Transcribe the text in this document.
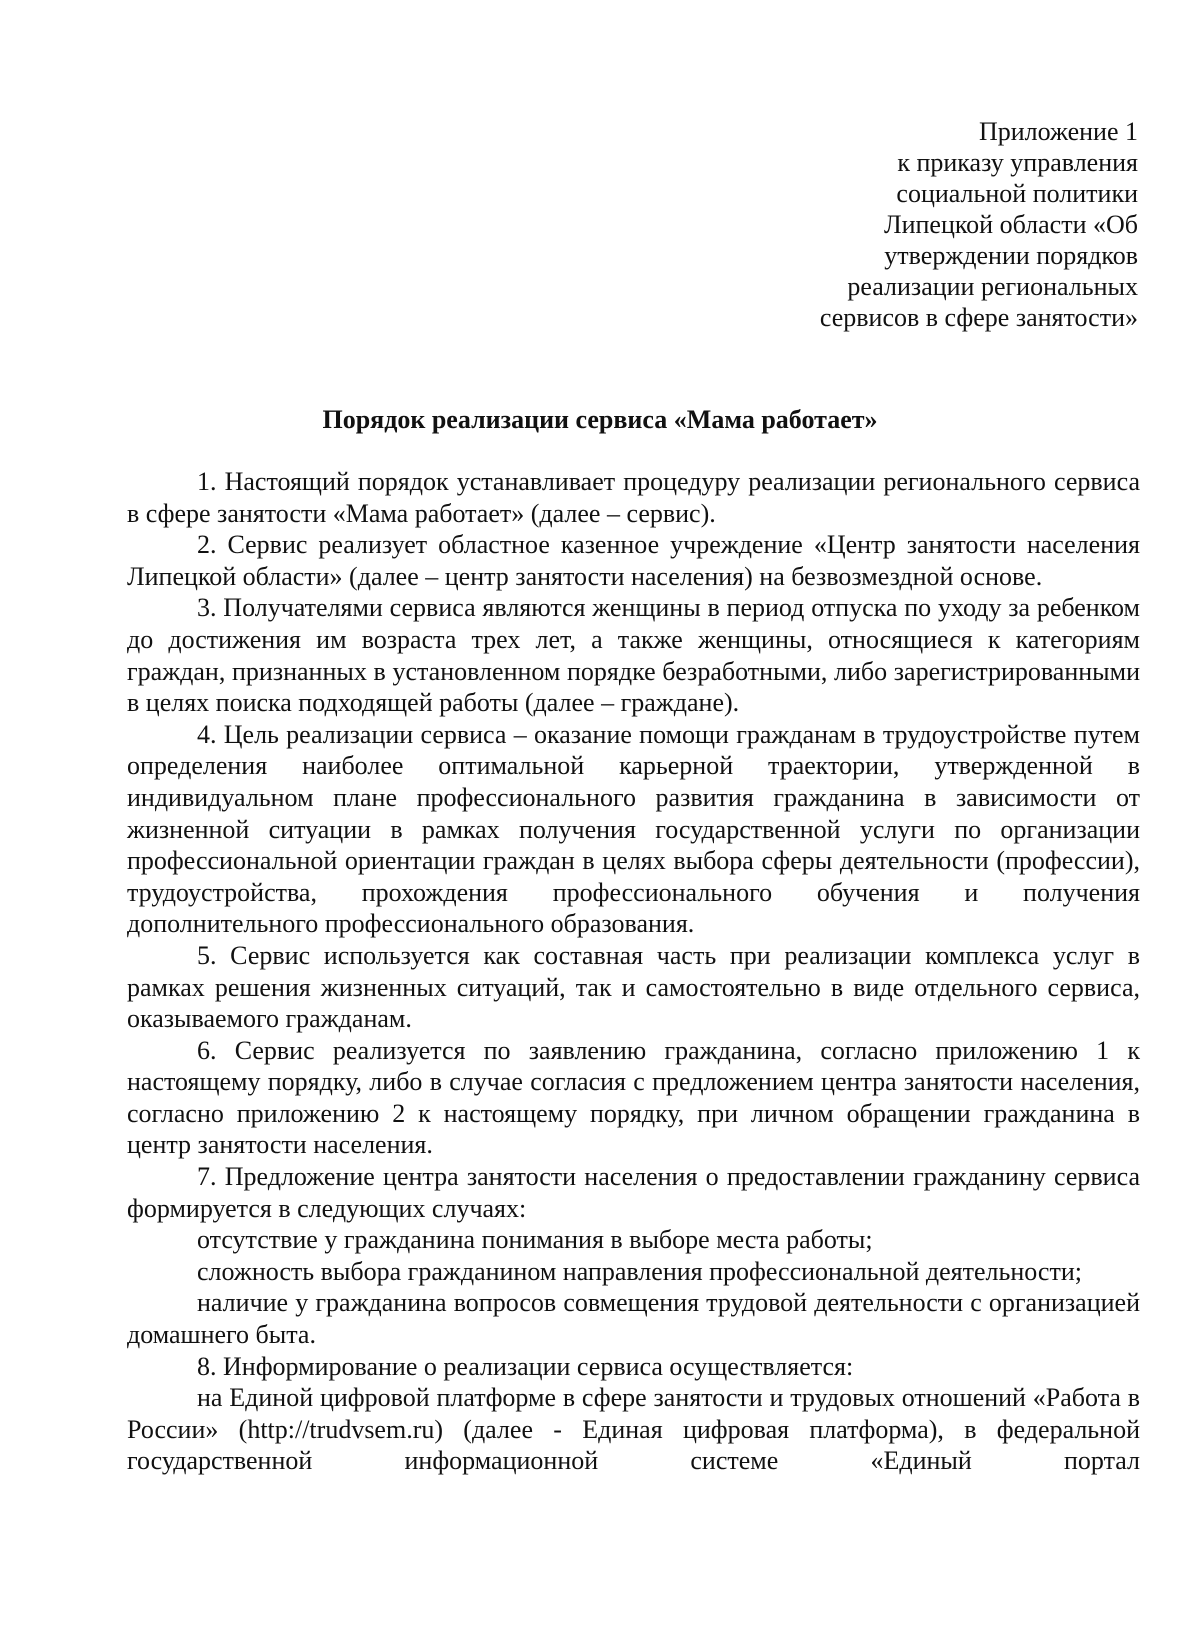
Приложение 1
к приказу управления
социальной политики
Липецкой области «Об
утверждении порядков
реализации региональных
сервисов в сфере занятости»
Порядок реализации сервиса «Мама работает»

1. Настоящий порядок устанавливает процедуру реализации регионального сервиса в сфере занятости «Мама работает» (далее – сервис).

2. Сервис реализует областное казенное учреждение «Центр занятости населения Липецкой области» (далее – центр занятости населения) на безвозмездной основе.

3. Получателями сервиса являются женщины в период отпуска по уходу за ребенком до достижения им возраста трех лет, а также женщины, относящиеся к категориям граждан, признанных в установленном порядке безработными, либо зарегистрированными в целях поиска подходящей работы (далее – граждане).

4. Цель реализации сервиса – оказание помощи гражданам в трудоустройстве путем определения наиболее оптимальной карьерной траектории, утвержденной в индивидуальном плане профессионального развития гражданина в зависимости от жизненной ситуации в рамках получения государственной услуги по организации профессиональной ориентации граждан в целях выбора сферы деятельности (профессии), трудоустройства, прохождения профессионального обучения и получения дополнительного профессионального образования.

5. Сервис используется как составная часть при реализации комплекса услуг в рамках решения жизненных ситуаций, так и самостоятельно в виде отдельного сервиса, оказываемого гражданам.

6. Сервис реализуется по заявлению гражданина, согласно приложению 1 к настоящему порядку, либо в случае согласия с предложением центра занятости населения, согласно приложению 2 к настоящему порядку, при личном обращении гражданина в центр занятости населения.

7. Предложение центра занятости населения о предоставлении гражданину сервиса формируется в следующих случаях:

отсутствие у гражданина понимания в выборе места работы;

сложность выбора гражданином направления профессиональной деятельности;

наличие у гражданина вопросов совмещения трудовой деятельности с организацией домашнего быта.

8. Информирование о реализации сервиса осуществляется:

на Единой цифровой платформе в сфере занятости и трудовых отношений «Работа в России» (http://trudvsem.ru) (далее - Единая цифровая платформа), в федеральной государственной информационной системе «Единый портал
